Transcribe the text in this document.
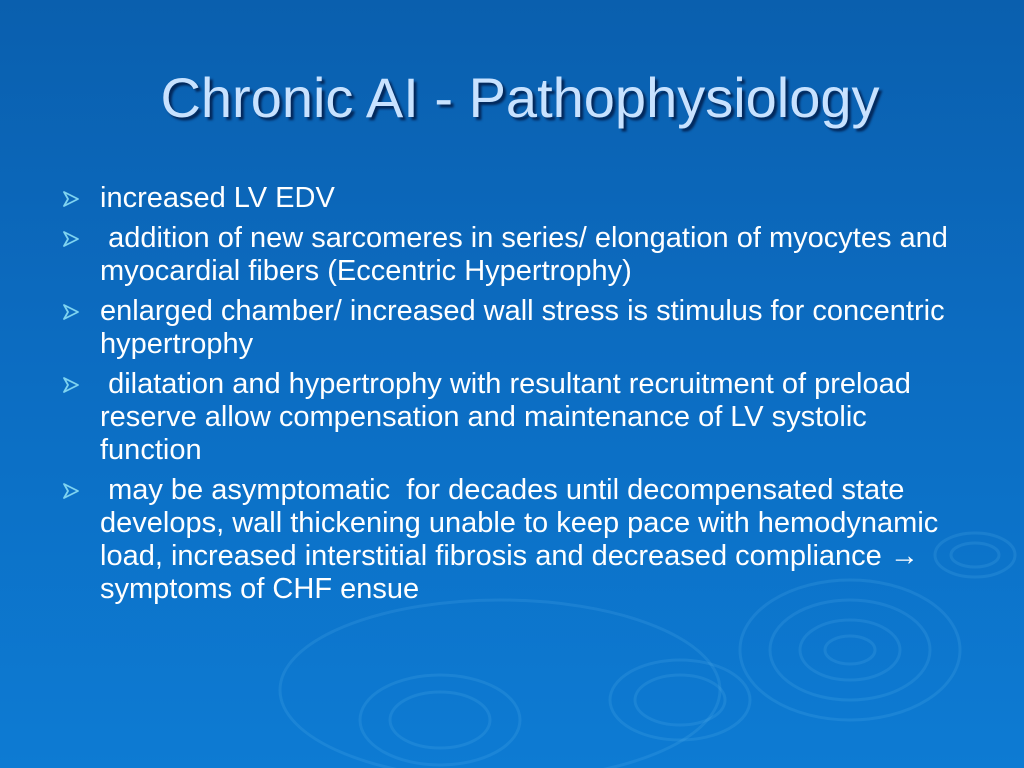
Chronic AI - Pathophysiology
increased LV EDV
addition of new sarcomeres in series/ elongation of myocytes and myocardial fibers (Eccentric Hypertrophy)
enlarged chamber/ increased wall stress is stimulus for concentric hypertrophy
dilatation and hypertrophy with resultant recruitment of preload reserve allow compensation and maintenance of LV systolic function
may be asymptomatic  for decades until decompensated state develops, wall thickening unable to keep pace with hemodynamic load, increased interstitial fibrosis and decreased compliance → symptoms of CHF ensue
